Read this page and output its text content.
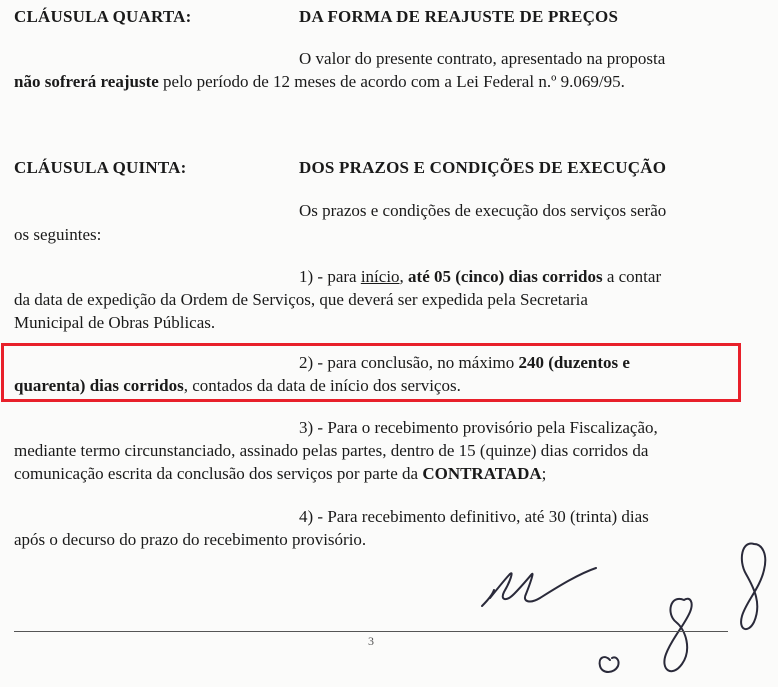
CLÁUSULA QUARTA:	DA FORMA DE REAJUSTE DE PREÇOS
O valor do presente contrato, apresentado na proposta
não sofrerá reajuste pelo período de 12 meses de acordo com a Lei Federal n.º 9.069/95.
CLÁUSULA QUINTA:	DOS PRAZOS E CONDIÇÕES DE EXECUÇÃO
Os prazos e condições de execução dos serviços serão
os seguintes:
1) - para início, até 05 (cinco) dias corridos a contar
da data de expedição da Ordem de Serviços, que deverá ser expedida pela Secretaria
Municipal de Obras Públicas.
2) - para conclusão, no máximo 240 (duzentos e
quarenta) dias corridos, contados da data de início dos serviços.
3) - Para o recebimento provisório pela Fiscalização,
mediante termo circunstanciado, assinado pelas partes, dentro de 15 (quinze) dias corridos da
comunicação escrita da conclusão dos serviços por parte da CONTRATADA;
4) - Para recebimento definitivo, até 30 (trinta) dias
após o decurso do prazo do recebimento provisório.
3
